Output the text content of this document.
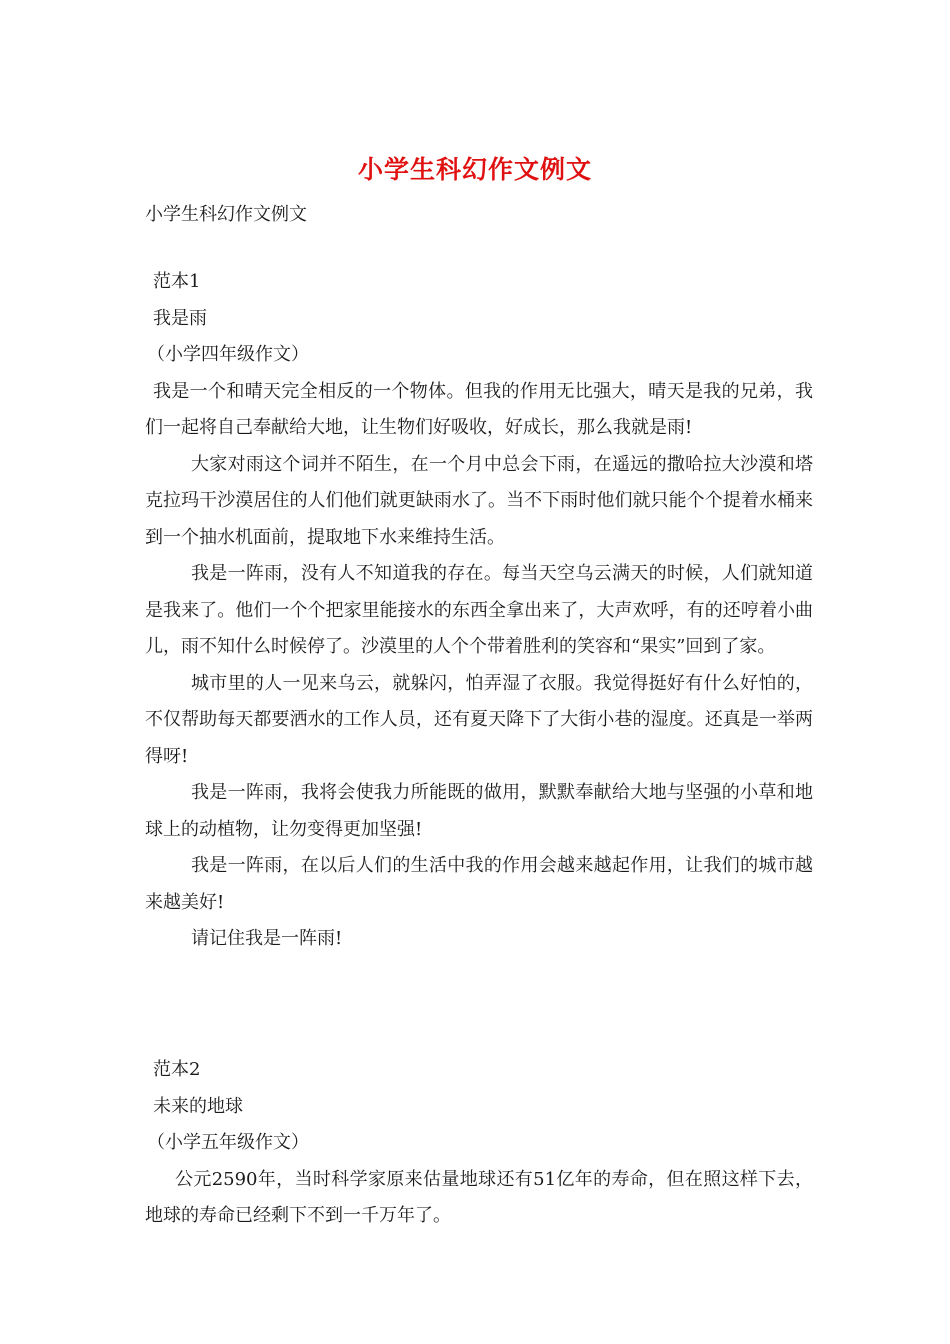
小学生科幻作文例文
小学生科幻作文例文

范本1

我是雨

（小学四年级作文）

我是一个和晴天完全相反的一个物体。但我的作用无比强大，晴天是我的兄弟，我们一起将自己奉献给大地，让生物们好吸收，好成长，那么我就是雨!

大家对雨这个词并不陌生，在一个月中总会下雨，在遥远的撒哈拉大沙漠和塔克拉玛干沙漠居住的人们他们就更缺雨水了。当不下雨时他们就只能个个提着水桶来到一个抽水机面前，提取地下水来维持生活。

我是一阵雨，没有人不知道我的存在。每当天空乌云满天的时候，人们就知道是我来了。他们一个个把家里能接水的东西全拿出来了，大声欢呼，有的还哼着小曲儿，雨不知什么时候停了。沙漠里的人个个带着胜利的笑容和“果实”回到了家。

城市里的人一见来乌云，就躲闪，怕弄湿了衣服。我觉得挺好有什么好怕的，不仅帮助每天都要洒水的工作人员，还有夏天降下了大街小巷的湿度。还真是一举两得呀!

我是一阵雨，我将会使我力所能既的做用，默默奉献给大地与坚强的小草和地球上的动植物，让勿变得更加坚强!

我是一阵雨，在以后人们的生活中我的作用会越来越起作用，让我们的城市越来越美好!

请记住我是一阵雨!

范本2

未来的地球

（小学五年级作文）

公元2590年，当时科学家原来估量地球还有51亿年的寿命，但在照这样下去，地球的寿命已经剩下不到一千万年了。
